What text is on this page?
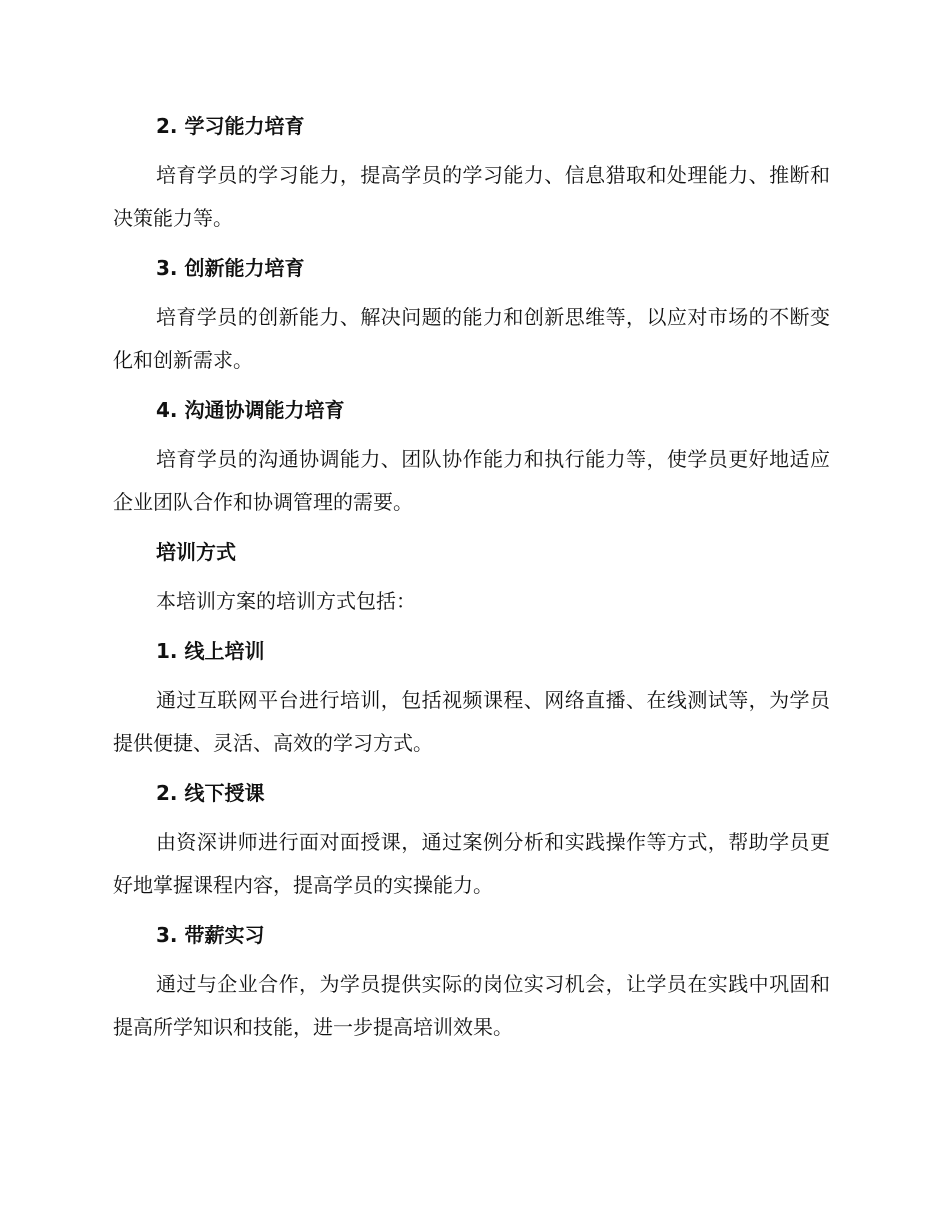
2. 学习能力培育

培育学员的学习能力，提高学员的学习能力、信息猎取和处理能力、推断和决策能力等。

3. 创新能力培育

培育学员的创新能力、解决问题的能力和创新思维等，以应对市场的不断变化和创新需求。

4. 沟通协调能力培育

培育学员的沟通协调能力、团队协作能力和执行能力等，使学员更好地适应企业团队合作和协调管理的需要。

培训方式

本培训方案的培训方式包括：

1. 线上培训

通过互联网平台进行培训，包括视频课程、网络直播、在线测试等，为学员提供便捷、灵活、高效的学习方式。

2. 线下授课

由资深讲师进行面对面授课，通过案例分析和实践操作等方式，帮助学员更好地掌握课程内容，提高学员的实操能力。

3. 带薪实习

通过与企业合作，为学员提供实际的岗位实习机会，让学员在实践中巩固和提高所学知识和技能，进一步提高培训效果。
